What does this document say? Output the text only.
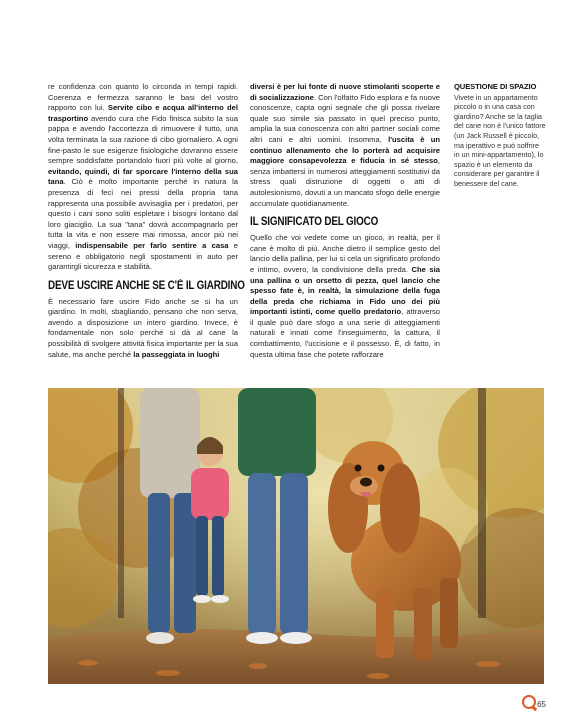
re confidenza con quanto lo circonda in tempi rapidi. Coerenza e fermezza saranno le basi del vostro rapporto con lui. Servite cibo e acqua all'interno del trasportino avendo cura che Fido finisca subito la sua pappa e avendo l'accortezza di rimuovere il tutto, una volta terminata la sua razione di cibo giornaliero. A ogni fine-pasto le sue esigenze fisiologiche dovranno essere sempre soddisfatte portandolo fuori più volte al giorno, evitando, quindi, di far sporcare l'interno della sua tana. Ciò è molto importante perché in natura la presenza di feci nei pressi della propria tana rappresenta una possibile avvisaglia per i predatori, per questo i cani sono soliti espletare i bisogni lontano dal loro giaciglio. La sua "tana" dovrà accompagnarlo per tutta la vita e non essere mai rimossa, ancor più nei viaggi, indispensabile per farlo sentire a casa e sereno e obbligatorio negli spostamenti in auto per garantirgli sicurezza e stabilità.

DEVE USCIRE ANCHE SE C'È IL GIARDINO

È necessario fare uscire Fido anche se si ha un giardino. In molti, sbagliando, pensano che non serva, avendo a disposizione un intero giardino. Invece, è fondamentale non solo perché si dà al cane la possibilità di svolgere attività fisica importante per la sua salute, ma anche perché la passeggiata in luoghi

diversi è per lui fonte di nuove stimolanti scoperte e di socializzazione. Con l'olfatto Fido esplora e fa nuove conoscenze, capta ogni segnale che gli possa rivelare quale suo simile sia passato in quel preciso punto, amplia la sua conoscenza con altri partner sociali come altri cani e altri uomini. Insomma, l'uscita è un continuo allenamento che lo porterà ad acquisire maggiore consapevolezza e fiducia in sé stesso, senza imbattersi in numerosi atteggiamenti sostitutivi da stress quali distruzione di oggetti o atti di autolesionismo, dovuti a un mancato sfogo delle energie accumulate quotidianamente.

IL SIGNIFICATO DEL GIOCO

Quello che voi vedete come un gioco, in realtà, per il cane è molto di più. Anche dietro il semplice gesto del lancio della pallina, per lui si cela un significato profondo e intimo, ovvero, la condivisione della preda. Che sia una pallina o un orsetto di pezza, quel lancio che spesso fate è, in realtà, la simulazione della fuga della preda che richiama in Fido uno dei più importanti istinti, come quello predatorio, attraverso il quale può dare sfogo a una serie di atteggiamenti naturali e innati come l'inseguimento, la cattura, il combattimento, l'uccisione e il possesso. È, di fatto, in questa ultima fase che potete rafforzare

QUESTIONE DI SPAZIO
Vivete in un appartamento piccolo o in una casa con giardino? Anche se la taglia del cane non è l'unico fattore (un Jack Russell è piccolo, ma iperattivo e può soffrire in un mini-appartamento), lo spazio è un elemento da considerare per garantire il benessere del cane.
65
